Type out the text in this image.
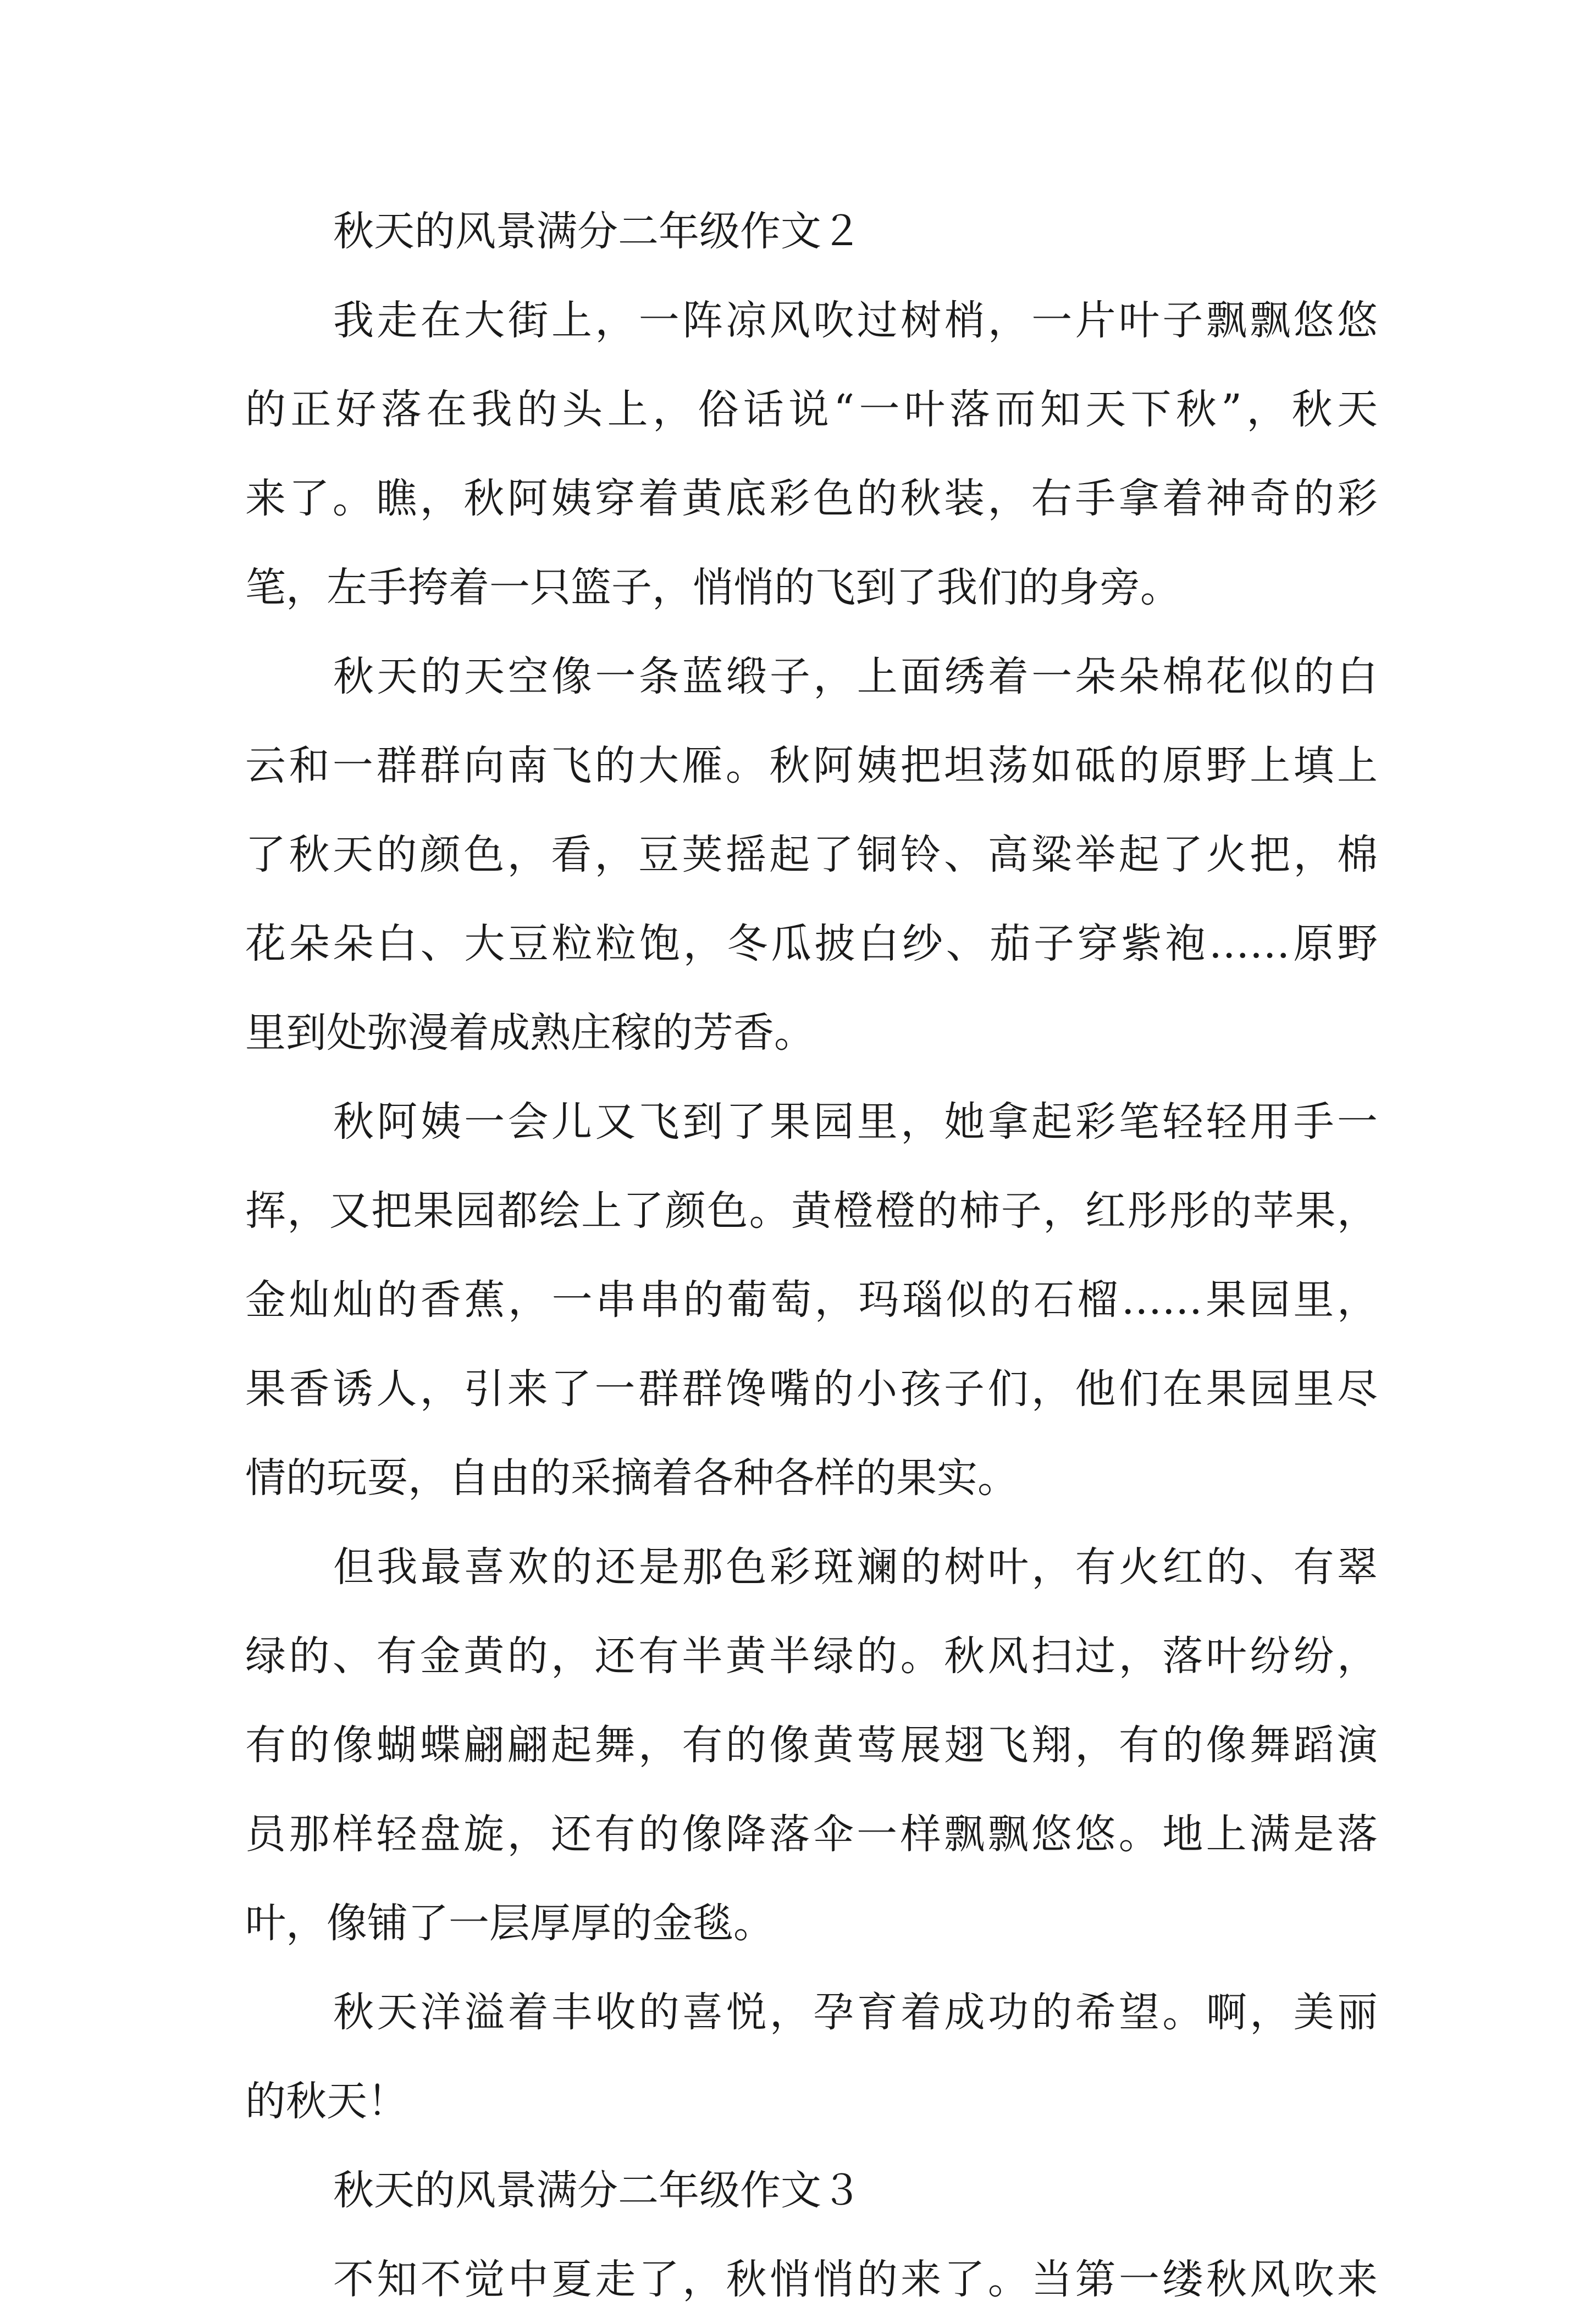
秋天的风景满分二年级作文２
我走在大街上，一阵凉风吹过树梢，一片叶子飘飘悠悠
的正好落在我的头上，俗话说“一叶落而知天下秋”，秋天
来了。瞧，秋阿姨穿着黄底彩色的秋装，右手拿着神奇的彩
笔，左手挎着一只篮子，悄悄的飞到了我们的身旁。
秋天的天空像一条蓝缎子，上面绣着一朵朵棉花似的白
云和一群群向南飞的大雁。秋阿姨把坦荡如砥的原野上填上
了秋天的颜色，看，豆荚摇起了铜铃、高粱举起了火把，棉
花朵朵白、大豆粒粒饱，冬瓜披白纱、茄子穿紫袍……原野
里到处弥漫着成熟庄稼的芳香。
秋阿姨一会儿又飞到了果园里，她拿起彩笔轻轻用手一
挥，又把果园都绘上了颜色。黄橙橙的柿子，红彤彤的苹果，
金灿灿的香蕉，一串串的葡萄，玛瑙似的石榴……果园里，
果香诱人，引来了一群群馋嘴的小孩子们，他们在果园里尽
情的玩耍，自由的采摘着各种各样的果实。
但我最喜欢的还是那色彩斑斓的树叶，有火红的、有翠
绿的、有金黄的，还有半黄半绿的。秋风扫过，落叶纷纷，
有的像蝴蝶翩翩起舞，有的像黄莺展翅飞翔，有的像舞蹈演
员那样轻盘旋，还有的像降落伞一样飘飘悠悠。地上满是落
叶，像铺了一层厚厚的金毯。
秋天洋溢着丰收的喜悦，孕育着成功的希望。啊，美丽
的秋天！
秋天的风景满分二年级作文３
不知不觉中夏走了，秋悄悄的来了。当第一缕秋风吹来
